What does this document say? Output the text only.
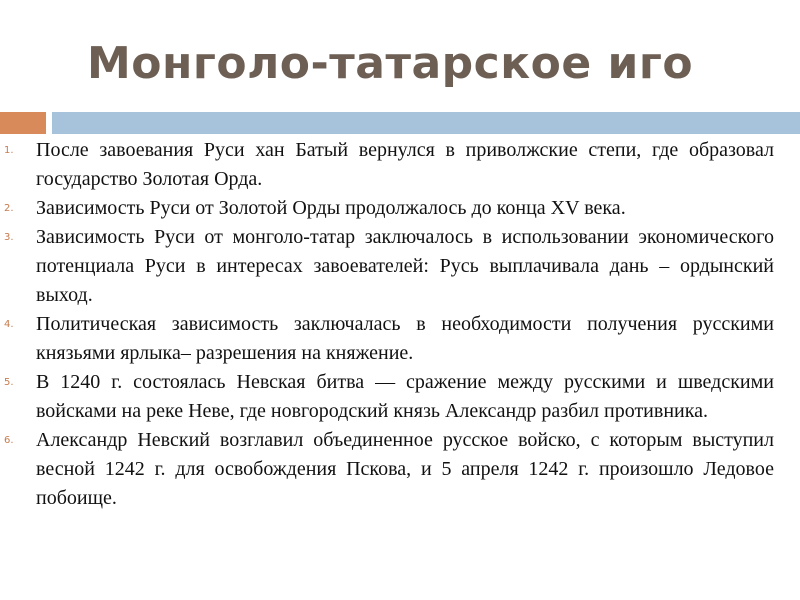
Монголо-татарское иго
1.	После завоевания Руси хан Батый вернулся в приволжские степи, где образовал государство Золотая Орда.
2.	Зависимость Руси от Золотой Орды продолжалось до конца XV века.
3.	Зависимость Руси от монголо-татар заключалось в использовании экономического потенциала Руси в интересах завоевателей: Русь выплачивала дань – ордынский выход.
4.	Политическая зависимость заключалась в необходимости получения русскими князьями ярлыка– разрешения на княжение.
5.	В 1240 г. состоялась Невская битва — сражение между русскими и шведскими войсками на реке Неве, где новгородский князь Александр разбил противника.
6.	Александр Невский возглавил объединенное русское войско, с которым выступил весной 1242 г. для освобождения Пскова, и 5 апреля 1242 г. произошло Ледовое побоище.
